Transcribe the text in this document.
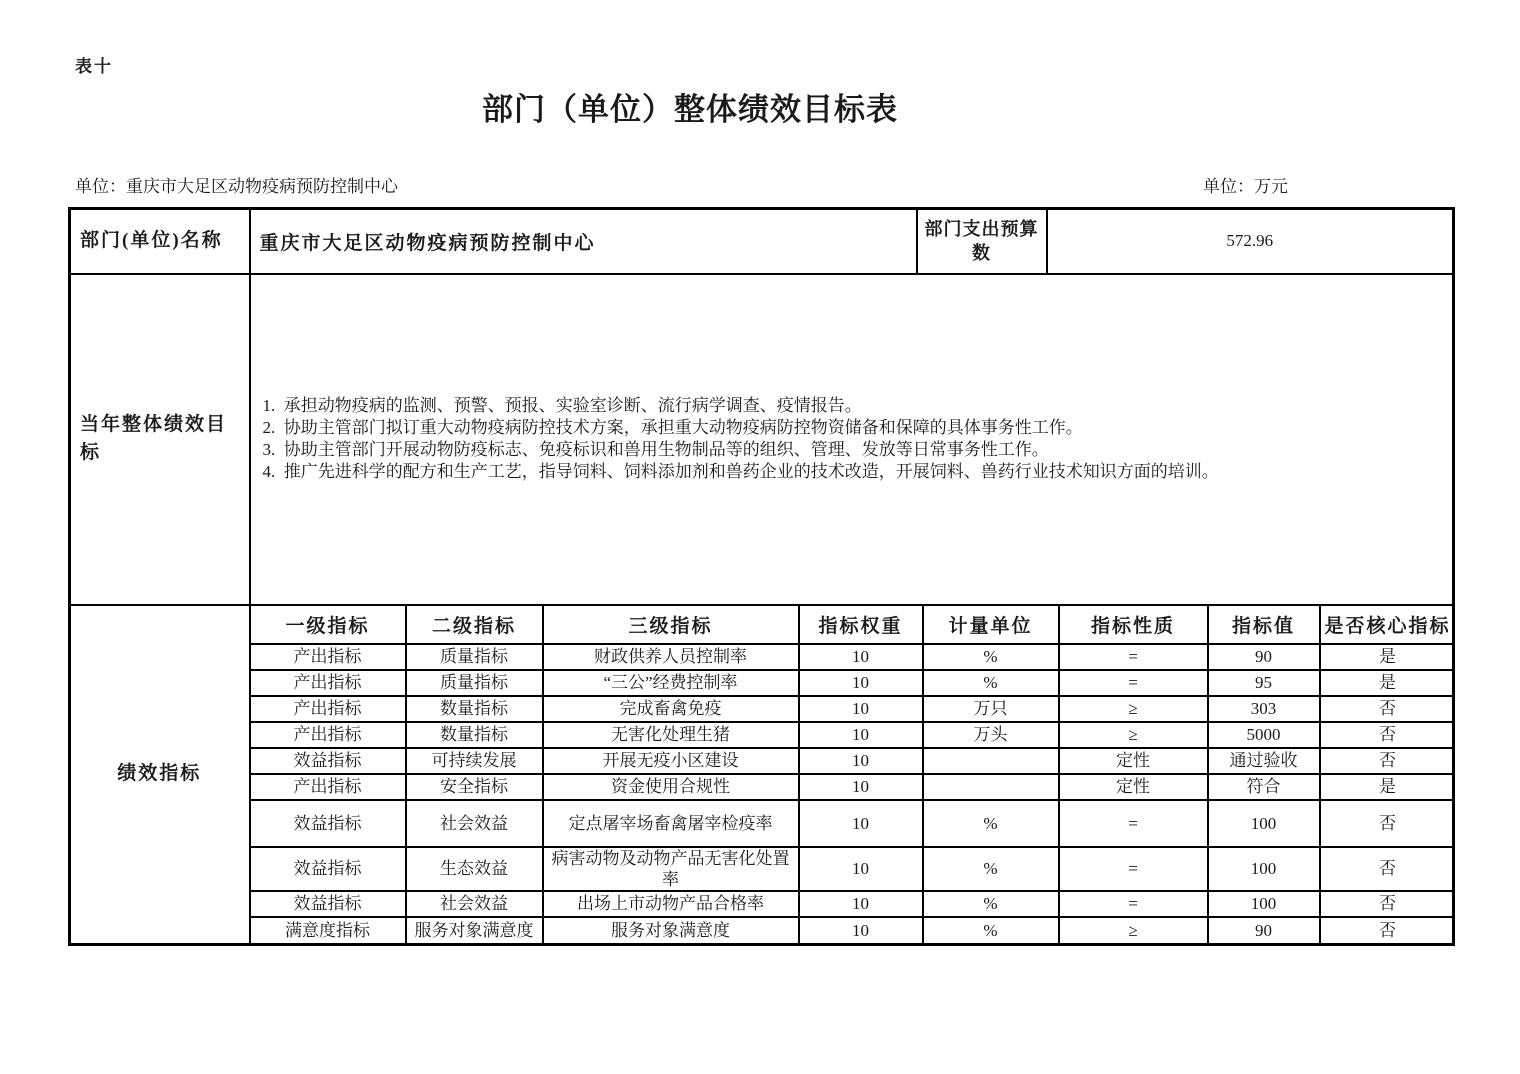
表十
部门（单位）整体绩效目标表
单位：重庆市大足区动物疫病预防控制中心	单位：万元
部门(单位)名称	重庆市大足区动物疫病预防控制中心	部门支出预算数	572.96
当年整体绩效目标	
1.  承担动物疫病的监测、预警、预报、实验室诊断、流行病学调查、疫情报告。
2.  协助主管部门拟订重大动物疫病防控技术方案，承担重大动物疫病防控物资储备和保障的具体事务性工作。
3.  协助主管部门开展动物防疫标志、免疫标识和兽用生物制品等的组织、管理、发放等日常事务性工作。
4.  推广先进科学的配方和生产工艺，指导饲料、饲料添加剂和兽药企业的技术改造，开展饲料、兽药行业技术知识方面的培训。

绩效指标	
一级指标	二级指标	三级指标	指标权重	计量单位	指标性质	指标值	是否核心指标
产出指标	质量指标	财政供养人员控制率	10	%	=	90	是
产出指标	质量指标	“三公”经费控制率	10	%	=	95	是
产出指标	数量指标	完成畜禽免疫	10	万只	≥	303	否
产出指标	数量指标	无害化处理生猪	10	万头	≥	5000	否
效益指标	可持续发展	开展无疫小区建设	10		定性	通过验收	否
产出指标	安全指标	资金使用合规性	10		定性	符合	是
效益指标	社会效益	定点屠宰场畜禽屠宰检疫率	10	%	=	100	否
效益指标	生态效益	病害动物及动物产品无害化处置率	10	%	=	100	否
效益指标	社会效益	出场上市动物产品合格率	10	%	=	100	否
满意度指标	服务对象满意度	服务对象满意度	10	%	≥	90	否
